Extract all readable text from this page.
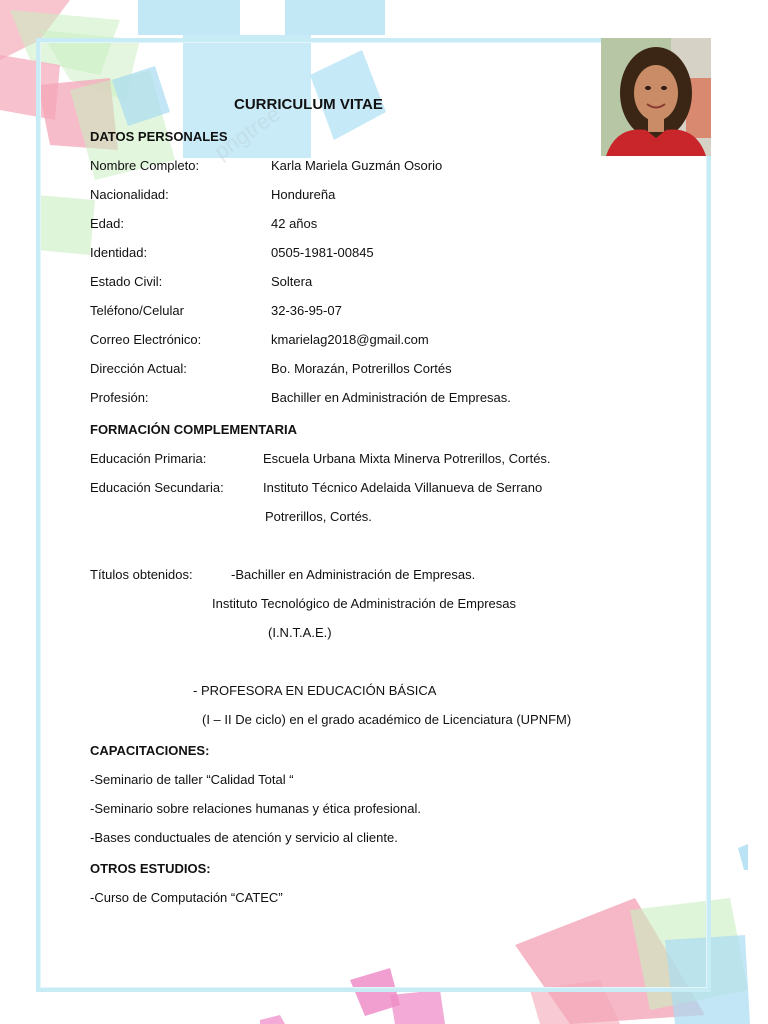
pngtree
CURRICULUM VITAE
DATOS PERSONALES
Nombre Completo:	Karla Mariela Guzmán Osorio
Nacionalidad:	Hondureña
Edad:	42 años
Identidad:	0505-1981-00845
Estado Civil:	Soltera
Teléfono/Celular	32-36-95-07
Correo Electrónico:	kmarielag2018@gmail.com
Dirección Actual:	Bo. Morazán, Potrerillos Cortés
Profesión:	Bachiller en Administración de Empresas.
FORMACIÓN COMPLEMENTARIA
Educación Primaria:	Escuela Urbana Mixta Minerva Potrerillos, Cortés.
Educación Secundaria:	Instituto Técnico Adelaida Villanueva de Serrano
Potrerillos, Cortés.
Títulos obtenidos:	-Bachiller en Administración de Empresas.
Instituto Tecnológico de Administración de Empresas
(I.N.T.A.E.)
- PROFESORA EN EDUCACIÓN BÁSICA
(I – II De ciclo) en el grado académico de Licenciatura (UPNFM)
CAPACITACIONES:
-Seminario de taller “Calidad Total “
-Seminario sobre relaciones humanas y ética profesional.
-Bases conductuales de atención y servicio al cliente.
OTROS ESTUDIOS:
-Curso de Computación “CATEC”
